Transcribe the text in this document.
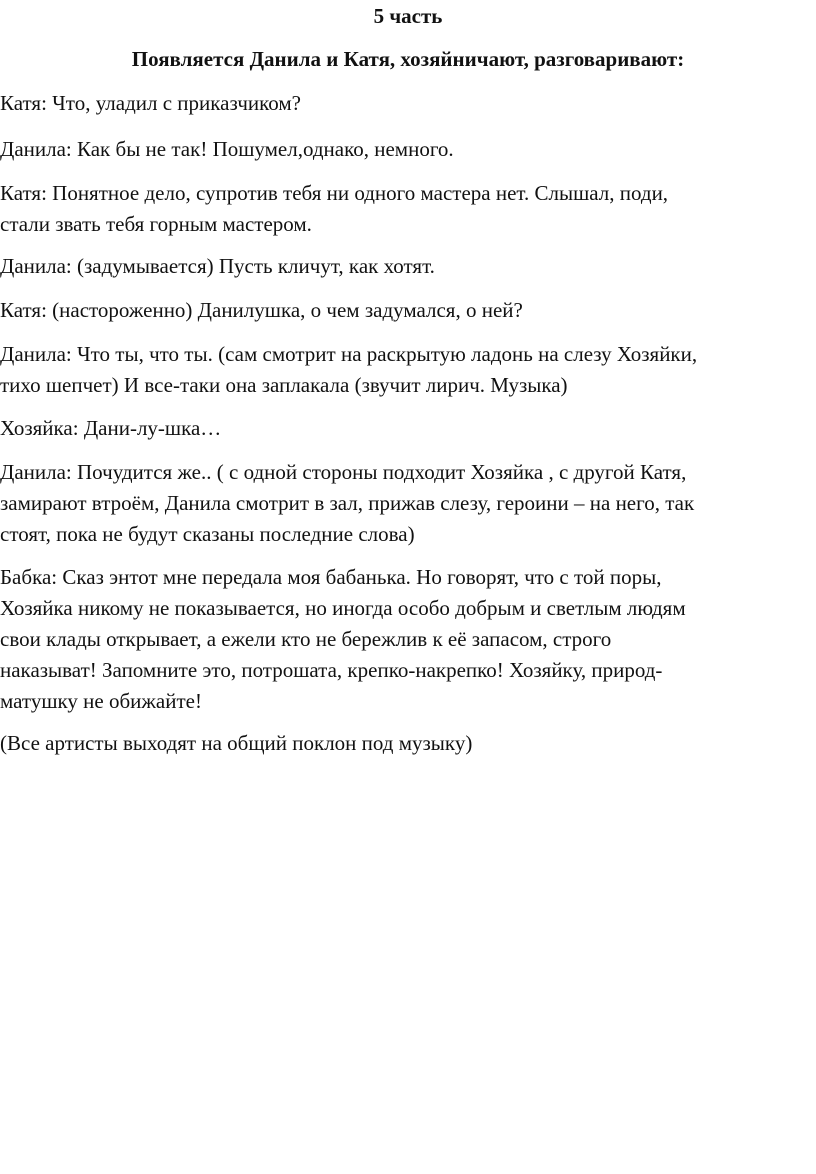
5 часть
Появляется Данила и Катя, хозяйничают, разговаривают:
Катя: Что, уладил с приказчиком?
Данила: Как бы не так! Пошумел,однако, немного.
Катя: Понятное дело, супротив тебя ни одного мастера нет. Слышал, поди,
стали звать тебя горным мастером.
Данила: (задумывается) Пусть кличут, как хотят.
Катя: (настороженно) Данилушка, о чем задумался, о ней?
Данила: Что ты, что ты. (сам смотрит на раскрытую ладонь на слезу Хозяйки,
тихо шепчет) И все-таки она заплакала (звучит лирич. Музыка)
Хозяйка: Дани-лу-шка…
Данила: Почудится же.. ( с одной стороны подходит Хозяйка , с другой Катя,
замирают втроём, Данила смотрит в зал, прижав слезу, героини – на него, так
стоят, пока не будут сказаны последние слова)
Бабка: Сказ энтот мне передала моя бабанька. Но говорят, что с той поры,
Хозяйка никому не показывается, но иногда особо добрым и светлым людям
свои клады открывает, а ежели кто не бережлив к её запасом, строго
наказыват! Запомните это, потрошата, крепко-накрепко! Хозяйку, природ-
матушку не обижайте!
(Все артисты выходят на общий поклон под музыку)
